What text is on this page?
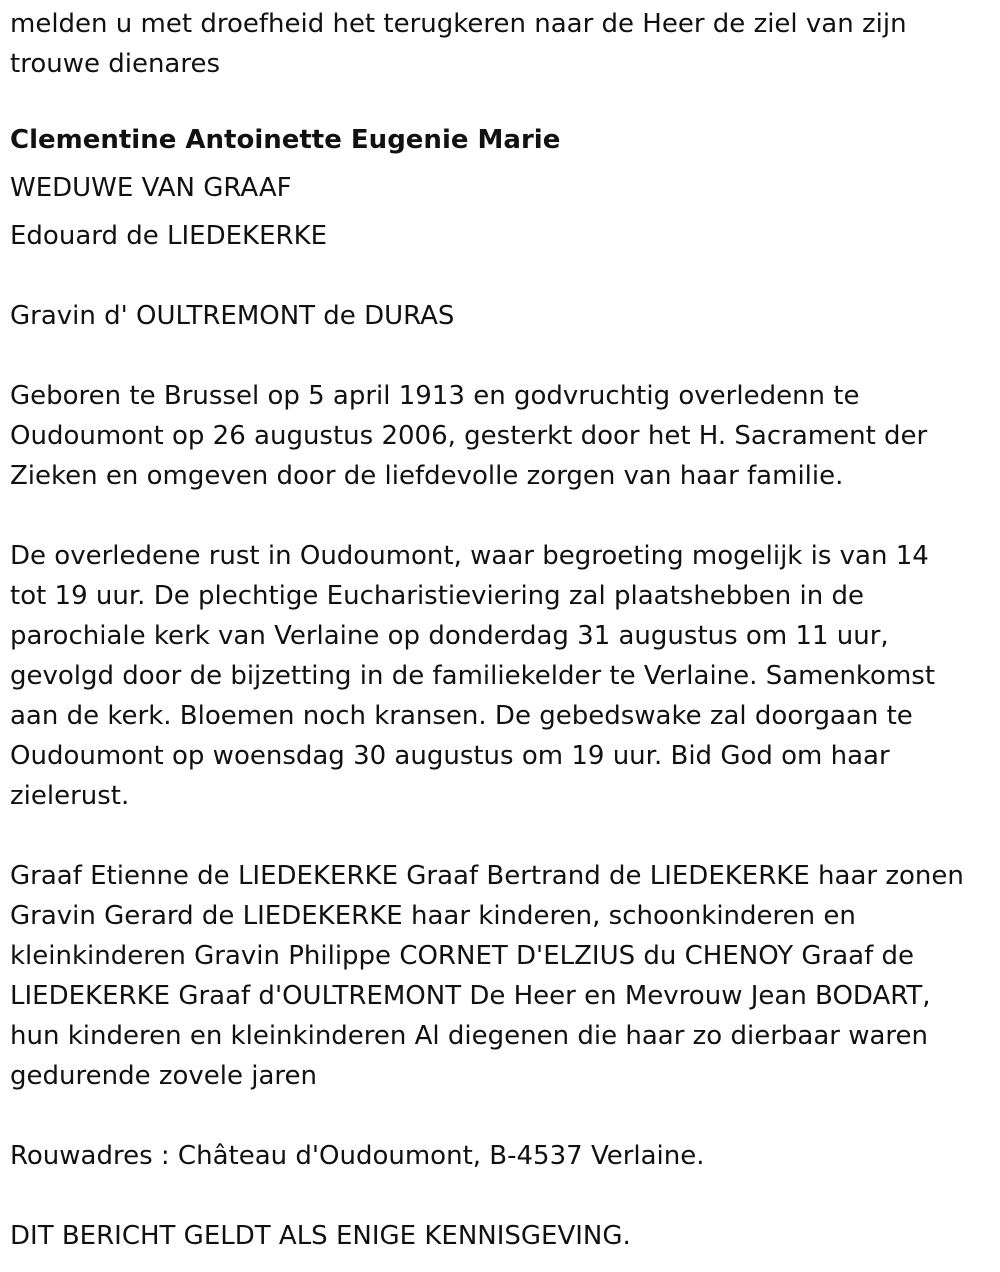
melden u met droefheid het terugkeren naar de Heer de ziel van zijn
trouwe dienares

Clementine Antoinette Eugenie Marie

WEDUWE VAN GRAAF

Edouard de LIEDEKERKE

Gravin d' OULTREMONT de DURAS

Geboren te Brussel op 5 april 1913 en godvruchtig overledenn te
Oudoumont op 26 augustus 2006, gesterkt door het H. Sacrament der
Zieken en omgeven door de liefdevolle zorgen van haar familie.

De overledene rust in Oudoumont, waar begroeting mogelijk is van 14
tot 19 uur. De plechtige Eucharistieviering zal plaatshebben in de
parochiale kerk van Verlaine op donderdag 31 augustus om 11 uur,
gevolgd door de bijzetting in de familiekelder te Verlaine. Samenkomst
aan de kerk. Bloemen noch kransen. De gebedswake zal doorgaan te
Oudoumont op woensdag 30 augustus om 19 uur. Bid God om haar
zielerust.

Graaf Etienne de LIEDEKERKE Graaf Bertrand de LIEDEKERKE haar zonen
Gravin Gerard de LIEDEKERKE haar kinderen, schoonkinderen en
kleinkinderen Gravin Philippe CORNET D'ELZIUS du CHENOY Graaf de
LIEDEKERKE Graaf d'OULTREMONT De Heer en Mevrouw Jean BODART,
hun kinderen en kleinkinderen Al diegenen die haar zo dierbaar waren
gedurende zovele jaren

Rouwadres : Château d'Oudoumont, B-4537 Verlaine.

DIT BERICHT GELDT ALS ENIGE KENNISGEVING.
